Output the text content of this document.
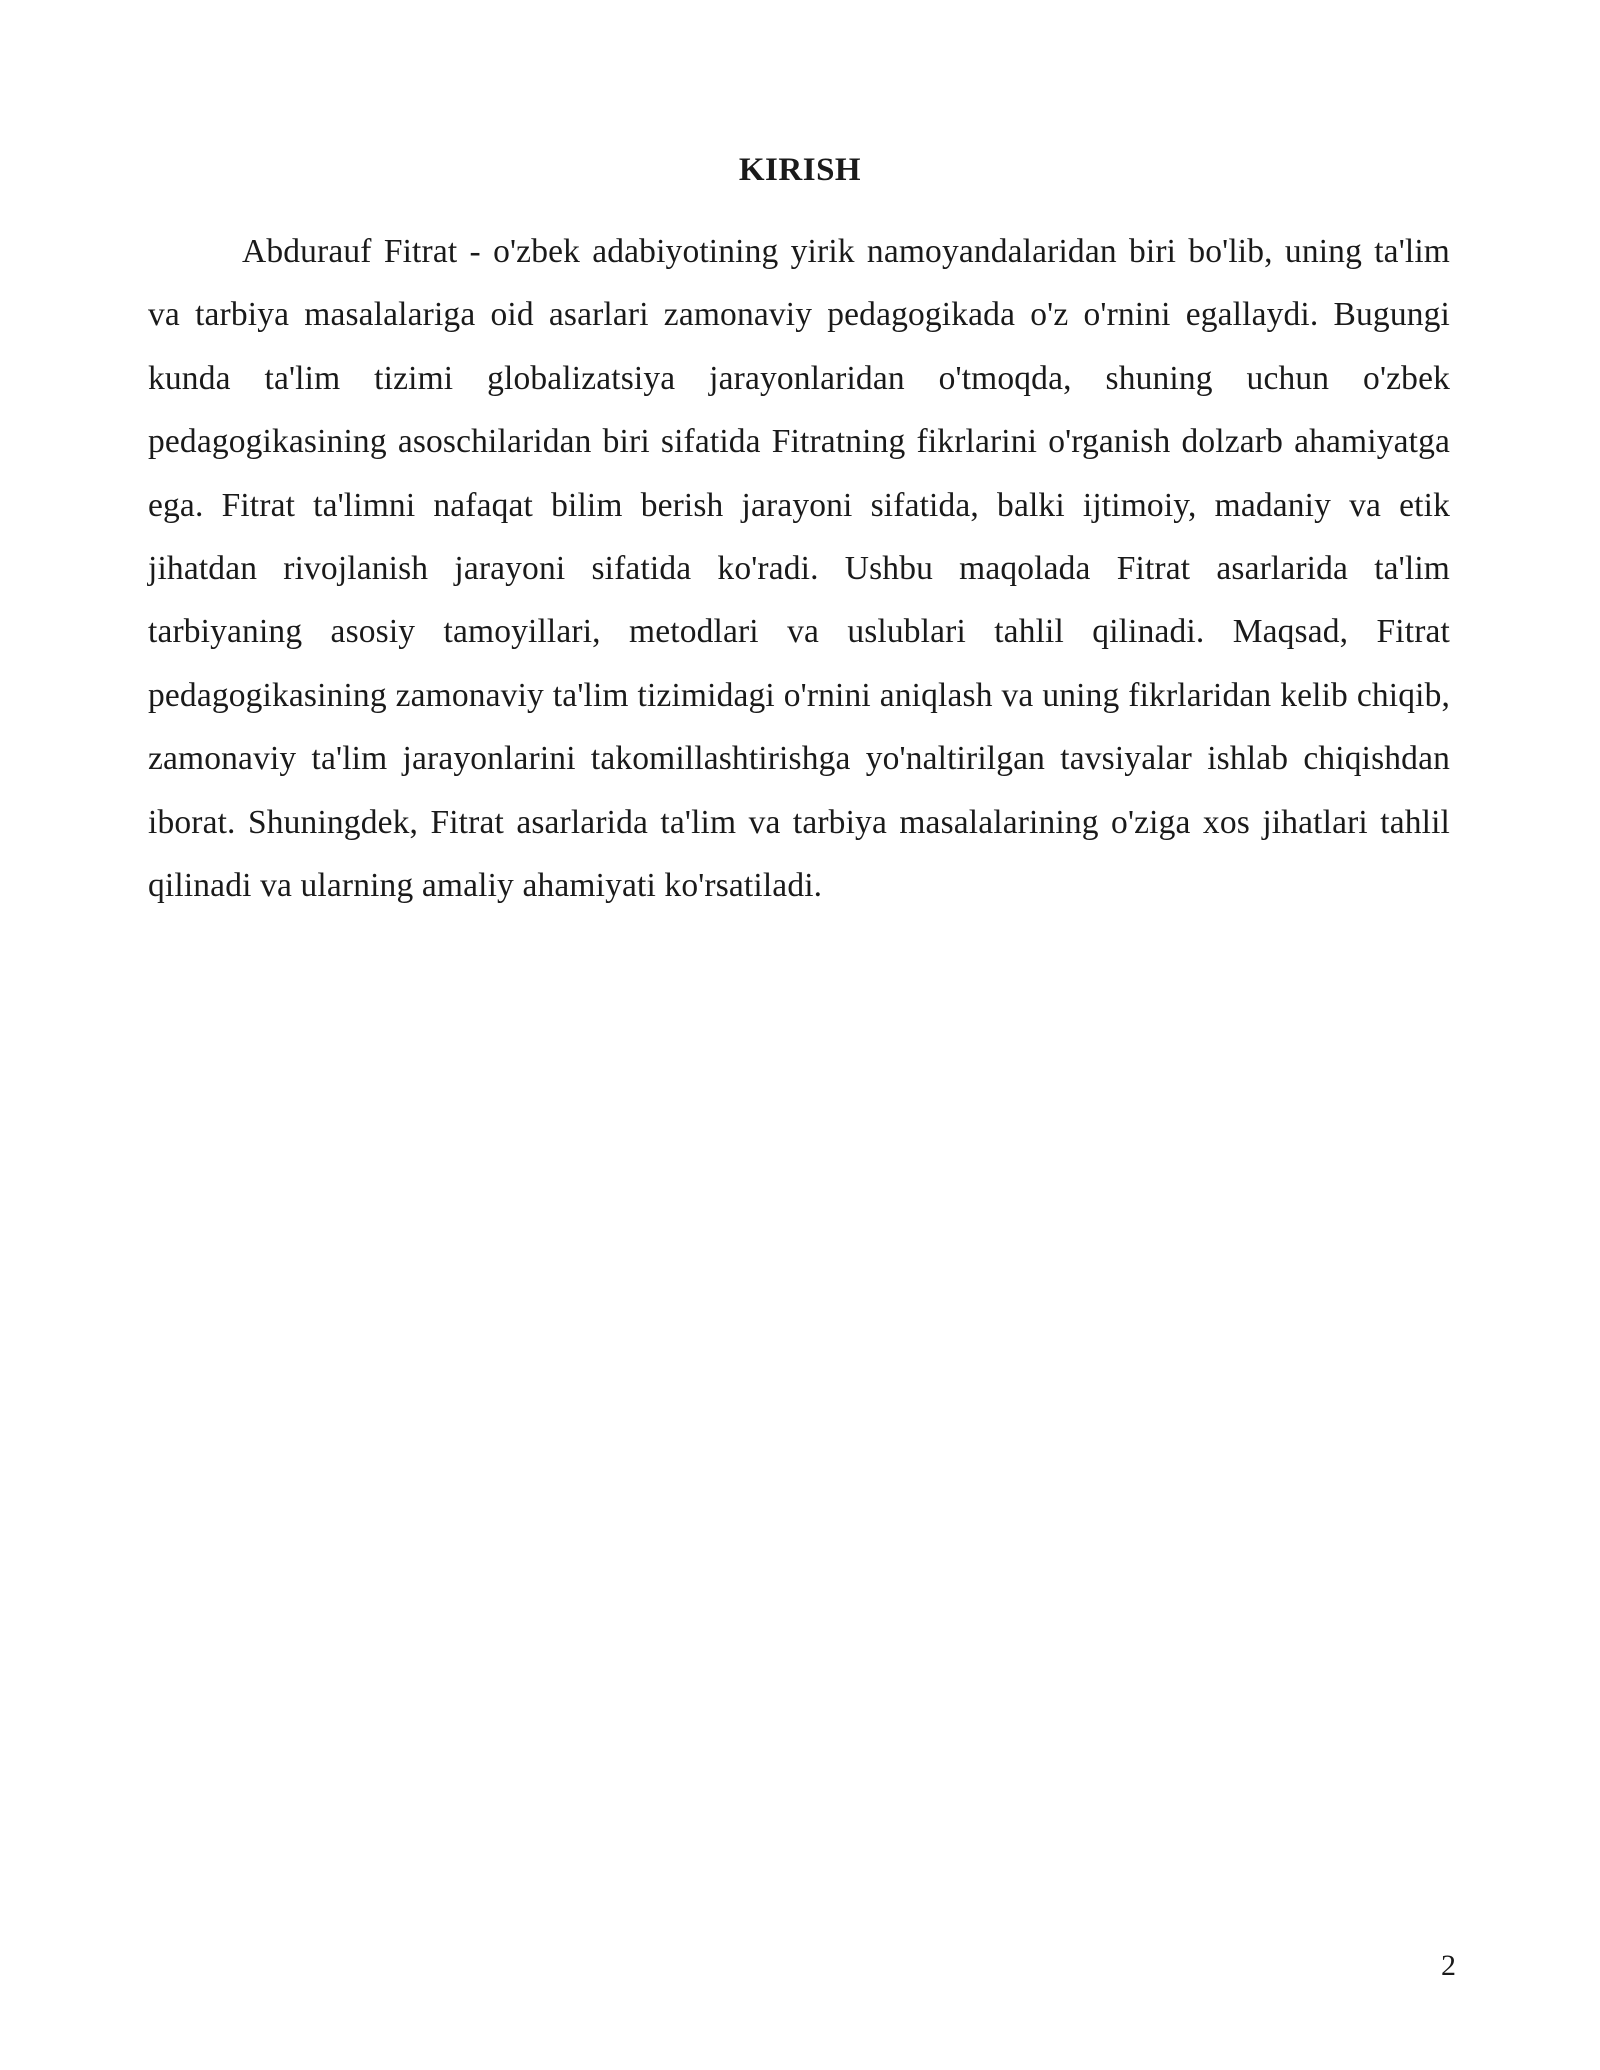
KIRISH

Abdurauf Fitrat - o'zbek adabiyotining yirik namoyandalaridan biri bo'lib, uning ta'lim va tarbiya masalalariga oid asarlari zamonaviy pedagogikada o'z o'rnini egallaydi. Bugungi kunda ta'lim tizimi globalizatsiya jarayonlaridan o'tmoqda, shuning uchun o'zbek pedagogikasining asoschilaridan biri sifatida Fitratning fikrlarini o'rganish dolzarb ahamiyatga ega. Fitrat ta'limni nafaqat bilim berish jarayoni sifatida, balki ijtimoiy, madaniy va etik jihatdan rivojlanish jarayoni sifatida ko'radi. Ushbu maqolada Fitrat asarlarida ta'lim tarbiyaning asosiy tamoyillari, metodlari va uslublari tahlil qilinadi. Maqsad, Fitrat pedagogikasining zamonaviy ta'lim tizimidagi o'rnini aniqlash va uning fikrlaridan kelib chiqib, zamonaviy ta'lim jarayonlarini takomillashtirishga yo'naltirilgan tavsiyalar ishlab chiqishdan iborat. Shuningdek, Fitrat asarlarida ta'lim va tarbiya masalalarining o'ziga xos jihatlari tahlil qilinadi va ularning amaliy ahamiyati ko'rsatiladi.

2
